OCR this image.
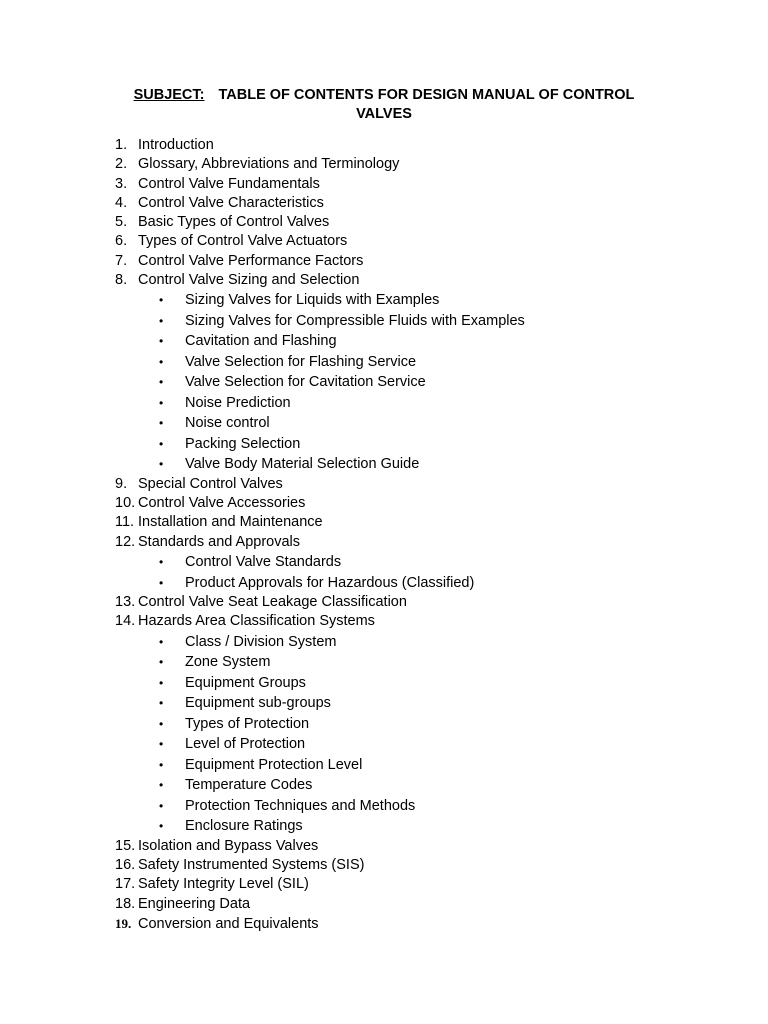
SUBJECT: TABLE OF CONTENTS FOR DESIGN MANUAL OF CONTROL
VALVES
1. Introduction
2. Glossary, Abbreviations and Terminology
3. Control Valve Fundamentals
4. Control Valve Characteristics
5. Basic Types of Control Valves
6. Types of Control Valve Actuators
7. Control Valve Performance Factors
8. Control Valve Sizing and Selection
• Sizing Valves for Liquids with Examples
• Sizing Valves for Compressible Fluids with Examples
• Cavitation and Flashing
• Valve Selection for Flashing Service
• Valve Selection for Cavitation Service
• Noise Prediction
• Noise control
• Packing Selection
• Valve Body Material Selection Guide
9. Special Control Valves
10. Control Valve Accessories
11. Installation and Maintenance
12. Standards and Approvals
• Control Valve Standards
• Product Approvals for Hazardous (Classified)
13. Control Valve Seat Leakage Classification
14. Hazards Area Classification Systems
• Class / Division System
• Zone System
• Equipment Groups
• Equipment sub-groups
• Types of Protection
• Level of Protection
• Equipment Protection Level
• Temperature Codes
• Protection Techniques and Methods
• Enclosure Ratings
15. Isolation and Bypass Valves
16. Safety Instrumented Systems (SIS)
17. Safety Integrity Level (SIL)
18. Engineering Data
19. Conversion and Equivalents
